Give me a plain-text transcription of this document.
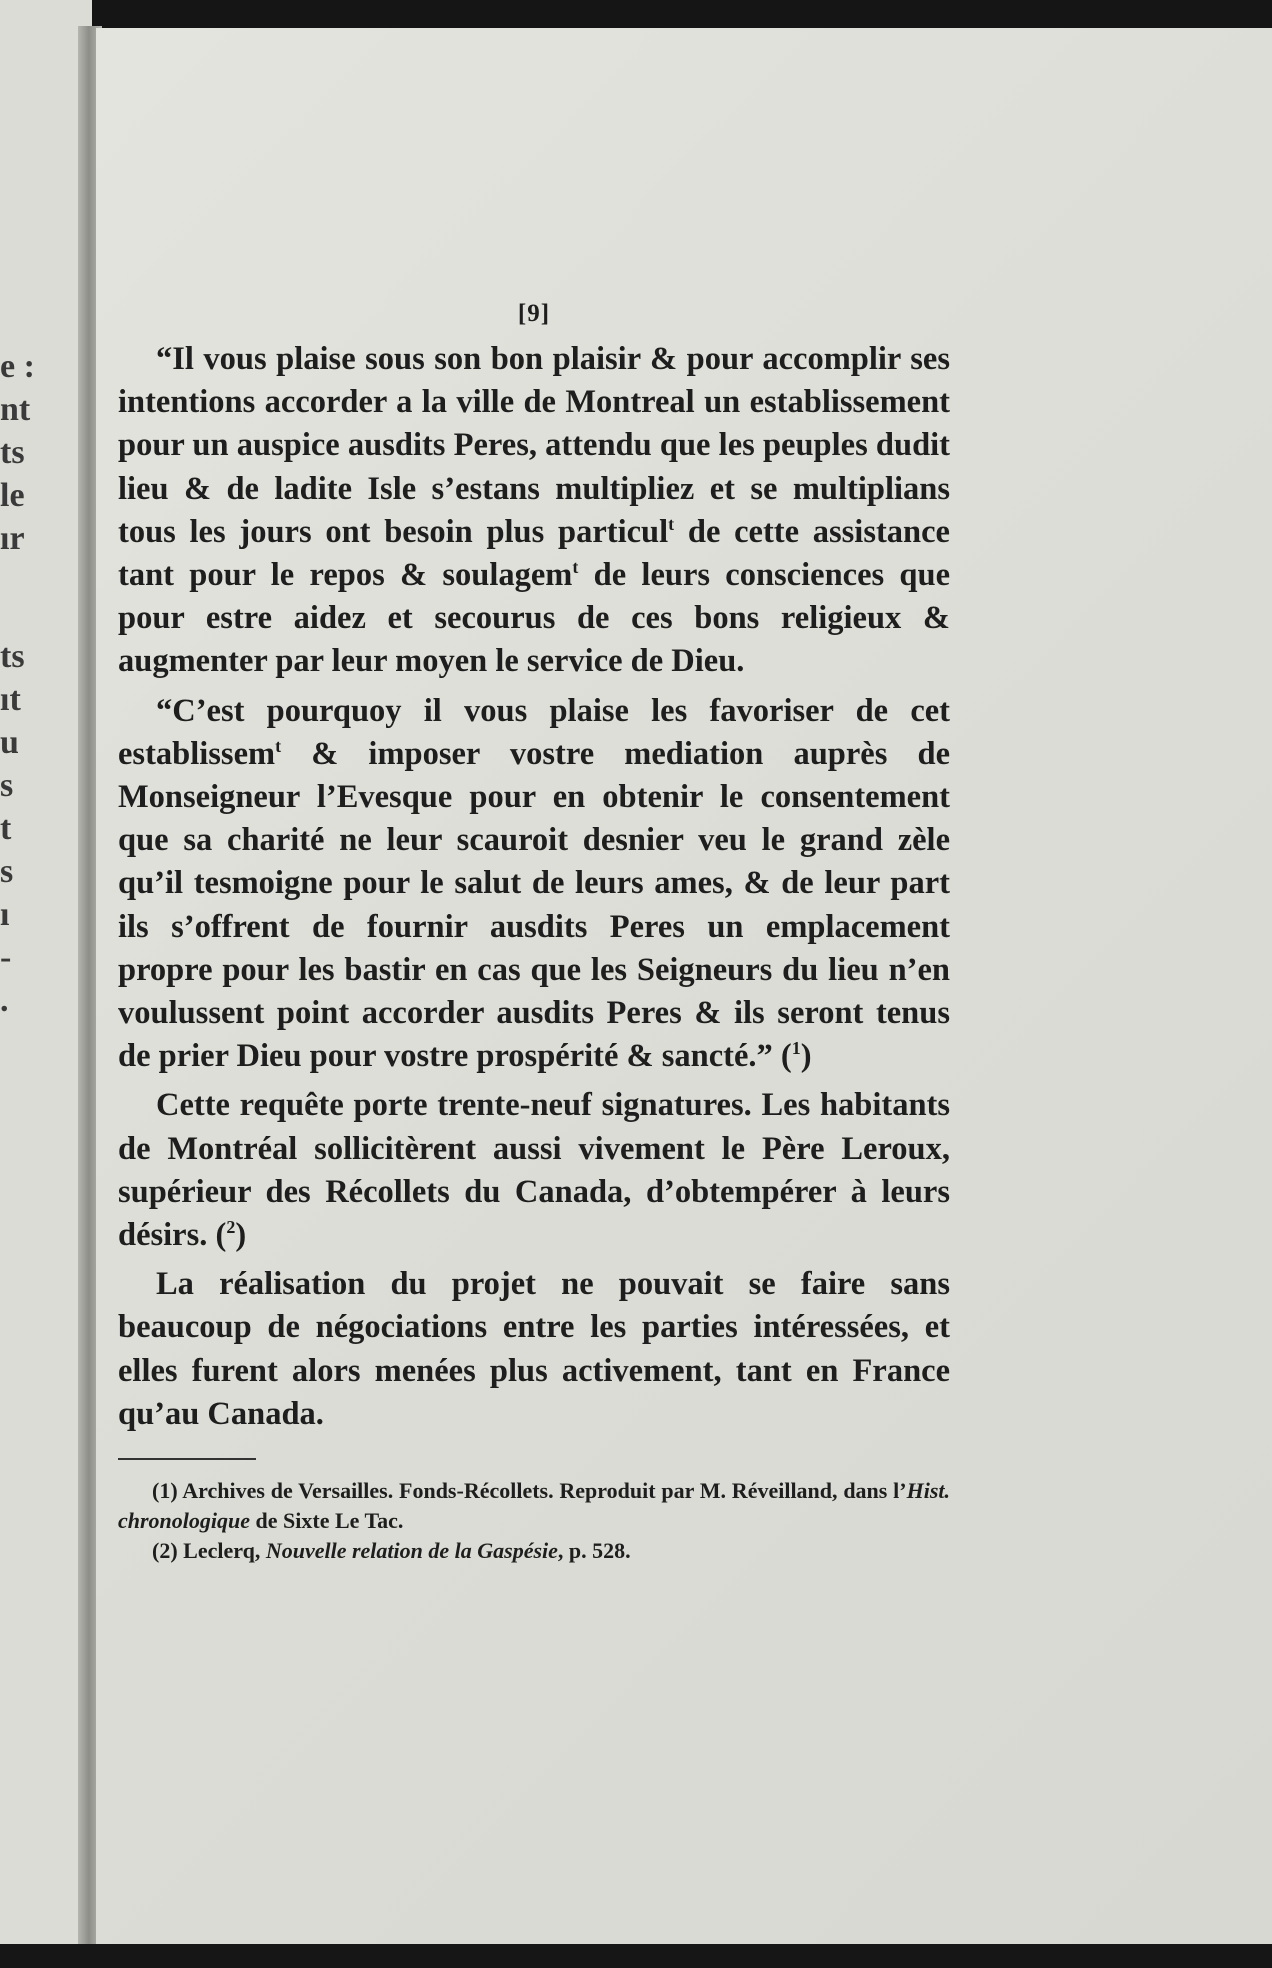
e :
nt
ts
le
ır
ts
ıt
u
s
t
s
ı
-
.
[9]

“Il vous plaise sous son bon plaisir & pour accomplir ses intentions accorder a la ville de Montreal un establissement pour un auspice ausdits Peres, attendu que les peuples dudit lieu & de ladite Isle s’estans multipliez et se multiplians tous les jours ont besoin plus particul$^t$ de cette assistance tant pour le repos & soulagem$^t$ de leurs consciences que pour estre aidez et secourus de ces bons religieux & augmenter par leur moyen le service de Dieu.

“C’est pourquoy il vous plaise les favoriser de cet establissem$^t$ & imposer vostre mediation auprès de Monseigneur l’Evesque pour en obtenir le consentement que sa charité ne leur scauroit desnier veu le grand zèle qu’il tesmoigne pour le salut de leurs ames, & de leur part ils s’offrent de fournir ausdits Peres un emplacement propre pour les bastir en cas que les Seigneurs du lieu n’en voulussent point accorder ausdits Peres & ils seront tenus de prier Dieu pour vostre prospérité & sancté.” ($^1$)

Cette requête porte trente-neuf signatures. Les habitants de Montréal sollicitèrent aussi vivement le Père Leroux, supérieur des Récollets du Canada, d’obtempérer à leurs désirs. ($^2$)

La réalisation du projet ne pouvait se faire sans beaucoup de négociations entre les parties intéressées, et elles furent alors menées plus activement, tant en France qu’au Canada.

(1) Archives de Versailles. Fonds-Récollets. Reproduit par M. Réveilland, dans l’Hist. chronologique de Sixte Le Tac.

(2) Leclerq, Nouvelle relation de la Gaspésie, p. 528.
